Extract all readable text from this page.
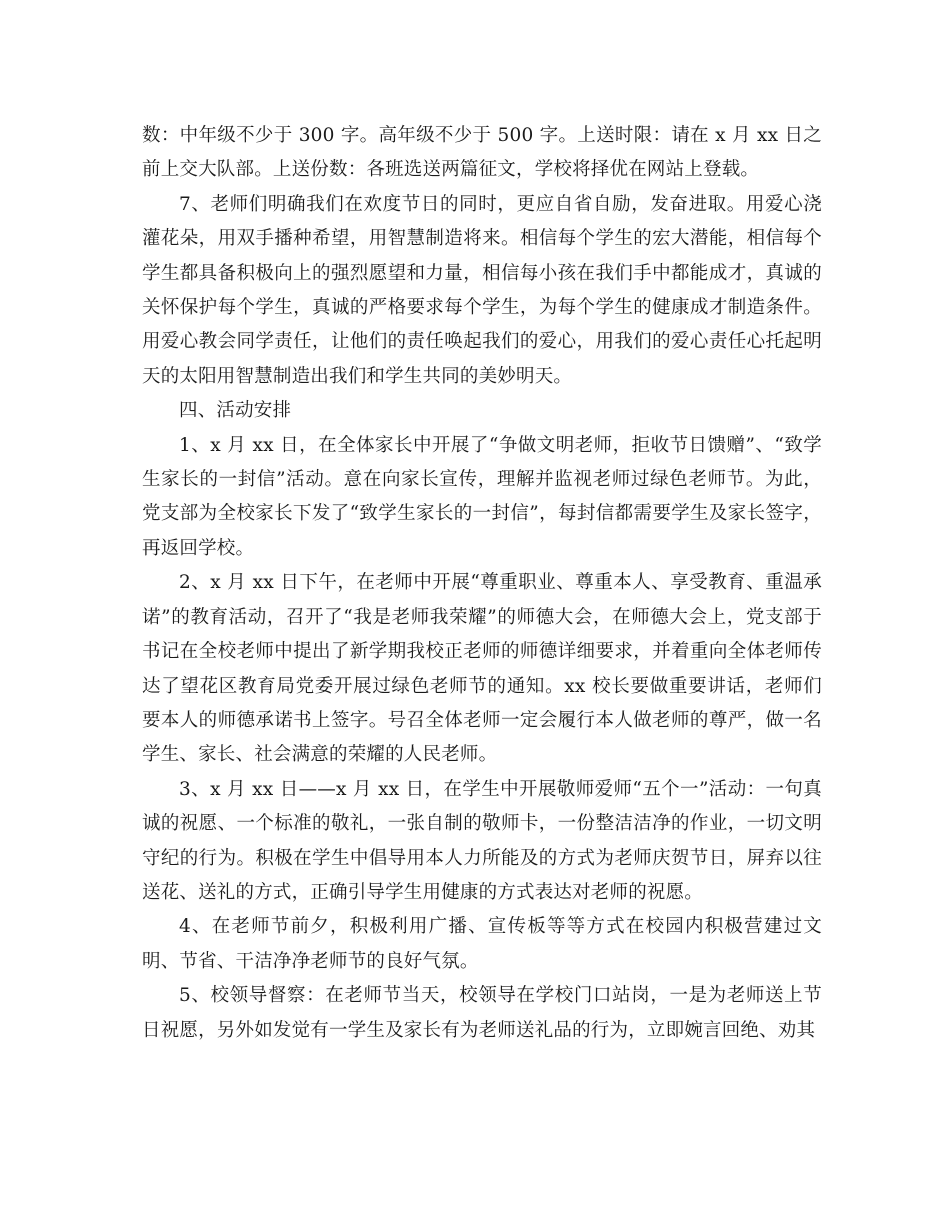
数：中年级不少于 300 字。高年级不少于 500 字。上送时限：请在 x 月 xx 日之前上交大队部。上送份数：各班选送两篇征文，学校将择优在网站上登载。

7、老师们明确我们在欢度节日的同时，更应自省自励，发奋进取。用爱心浇灌花朵，用双手播种希望，用智慧制造将来。相信每个学生的宏大潜能，相信每个学生都具备积极向上的强烈愿望和力量，相信每小孩在我们手中都能成才，真诚的关怀保护每个学生，真诚的严格要求每个学生，为每个学生的健康成才制造条件。用爱心教会同学责任，让他们的责任唤起我们的爱心，用我们的爱心责任心托起明天的太阳用智慧制造出我们和学生共同的美妙明天。

四、活动安排

1、x 月 xx 日，在全体家长中开展了“争做文明老师，拒收节日馈赠”、“致学生家长的一封信”活动。意在向家长宣传，理解并监视老师过绿色老师节。为此，党支部为全校家长下发了“致学生家长的一封信”，每封信都需要学生及家长签字，再返回学校。

2、x 月 xx 日下午，在老师中开展“尊重职业、尊重本人、享受教育、重温承诺”的教育活动，召开了“我是老师我荣耀”的师德大会，在师德大会上，党支部于书记在全校老师中提出了新学期我校正老师的师德详细要求，并着重向全体老师传达了望花区教育局党委开展过绿色老师节的通知。xx 校长要做重要讲话，老师们要本人的师德承诺书上签字。号召全体老师一定会履行本人做老师的尊严，做一名学生、家长、社会满意的荣耀的人民老师。

3、x 月 xx 日——x 月 xx 日，在学生中开展敬师爱师“五个一”活动：一句真诚的祝愿、一个标准的敬礼，一张自制的敬师卡，一份整洁洁净的作业，一切文明守纪的行为。积极在学生中倡导用本人力所能及的方式为老师庆贺节日，屏弃以往送花、送礼的方式，正确引导学生用健康的方式表达对老师的祝愿。

4、在老师节前夕，积极利用广播、宣传板等等方式在校园内积极营建过文明、节省、干洁净净老师节的良好气氛。

5、校领导督察：在老师节当天，校领导在学校门口站岗，一是为老师送上节日祝愿，另外如发觉有一学生及家长有为老师送礼品的行为，立即婉言回绝、劝其
